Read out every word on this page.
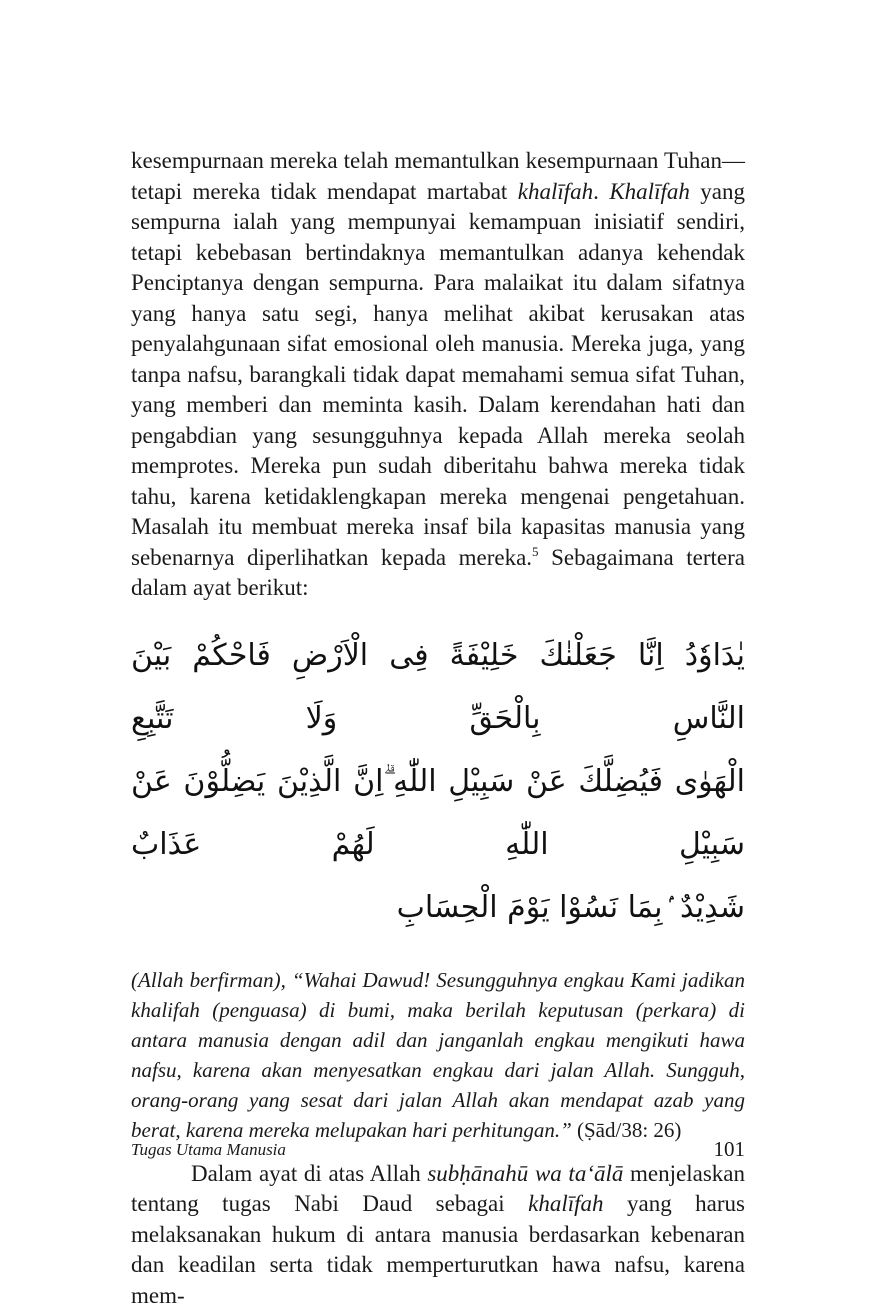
kesempurnaan mereka telah memantulkan kesempurnaan Tuhan—tetapi mereka tidak mendapat martabat khalīfah. Khalīfah yang sempurna ialah yang mempunyai kemampuan inisiatif sendiri, tetapi kebebasan bertindaknya memantulkan adanya kehendak Penciptanya dengan sempurna. Para malaikat itu dalam sifatnya yang hanya satu segi, hanya melihat akibat kerusakan atas penyalahgunaan sifat emosional oleh manusia. Mereka juga, yang tanpa nafsu, barangkali tidak dapat memahami semua sifat Tuhan, yang memberi dan meminta kasih. Dalam kerendahan hati dan pengabdian yang sesungguhnya kepada Allah mereka seolah memprotes. Mereka pun sudah diberitahu bahwa mereka tidak tahu, karena ketidaklengkapan mereka mengenai pengetahuan. Masalah itu membuat mereka insaf bila kapasitas manusia yang sebenarnya diperlihatkan kepada mereka.$^5$ Sebagaimana tertera dalam ayat berikut:

يٰدَاوٗدُ اِنَّا جَعَلْنٰكَ خَلِيْفَةً فِى الْاَرْضِ فَاحْكُمْ بَيْنَ النَّاسِ بِالْحَقِّ وَلَا تَتَّبِعِ
الْهَوٰى فَيُضِلَّكَ عَنْ سَبِيْلِ اللّٰهِ ۗاِنَّ الَّذِيْنَ يَضِلُّوْنَ عَنْ سَبِيْلِ اللّٰهِ لَهُمْ عَذَابٌ
شَدِيْدٌ ۢبِمَا نَسُوْا يَوْمَ الْحِسَابِ

(Allah berfirman), “Wahai Dawud! Sesungguhnya engkau Kami jadikan khalifah (penguasa) di bumi, maka berilah keputusan (perkara) di antara manusia dengan adil dan janganlah engkau mengikuti hawa nafsu, karena akan menyesatkan engkau dari jalan Allah. Sungguh, orang-orang yang sesat dari jalan Allah akan mendapat azab yang berat, karena mereka melupakan hari perhitungan.” (Ṣād/38: 26)

Dalam ayat di atas Allah subḥānahū wa ta‘ālā menjelaskan tentang tugas Nabi Daud sebagai khalīfah yang harus melaksanakan hukum di antara manusia berdasarkan kebenaran dan keadilan serta tidak memperturutkan hawa nafsu, karena mem-

Tugas Utama Manusia	101
